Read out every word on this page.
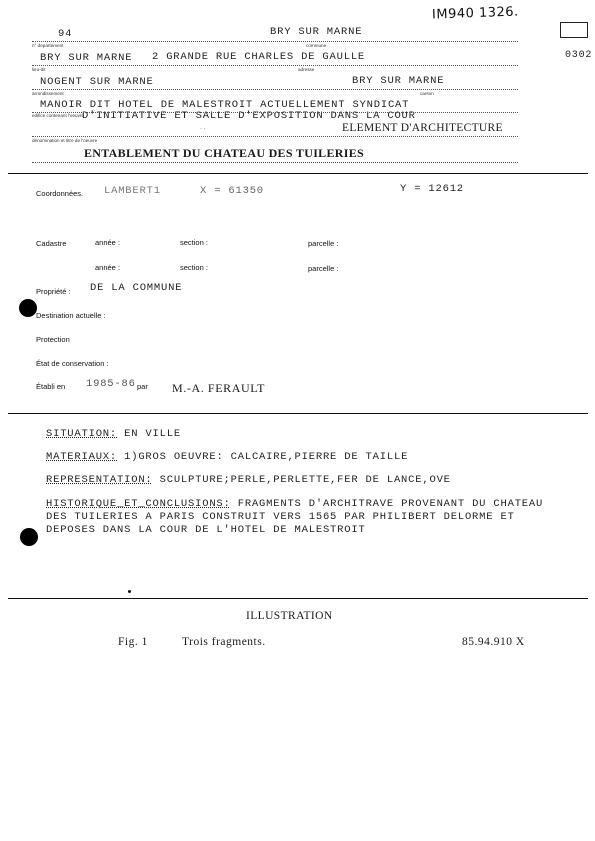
IM940 1326.
0302
94	BRY SUR MARNE
n° departement	commune
BRY SUR MARNE 2 GRANDE RUE CHARLES DE GAULLE
lieu-dit	adresse
NOGENT SUR MARNE	BRY SUR MARNE
arrondissement	canton
MANOIR DIT HOTEL DE MALESTROIT ACTUELLEMENT SYNDICAT
D'INITIATIVE ET SALLE D'EXPOSITION DANS LA COUR
edifice contenant l'oeuvre
· ·	ELEMENT D'ARCHITECTURE
dénomination et titre de l'oeuvre
ENTABLEMENT DU CHATEAU DES TUILERIES
Coordonnées. LAMBERT1	X = 61350	Y = 12612
Cadastre	année :	section :	parcelle :
année :	section :	parcelle :
Propriété : DE LA COMMUNE
Destination actuelle :
Protection
État de conservation :
Établi en 1985-86 par M.-A. FERAULT
SITUATION: EN VILLE
MATERIAUX: 1)GROS OEUVRE: CALCAIRE,PIERRE DE TAILLE
REPRESENTATION: SCULPTURE;PERLE,PERLETTE,FER DE LANCE,OVE
HISTORIQUE_ET_CONCLUSIONS: FRAGMENTS D'ARCHITRAVE PROVENANT DU CHATEAU
DES TUILERIES A PARIS CONSTRUIT VERS 1565 PAR PHILIBERT DELORME ET
DEPOSES DANS LA COUR DE L'HOTEL DE MALESTROIT
ILLUSTRATION
Fig. 1	Trois fragments.	85.94.910 X
